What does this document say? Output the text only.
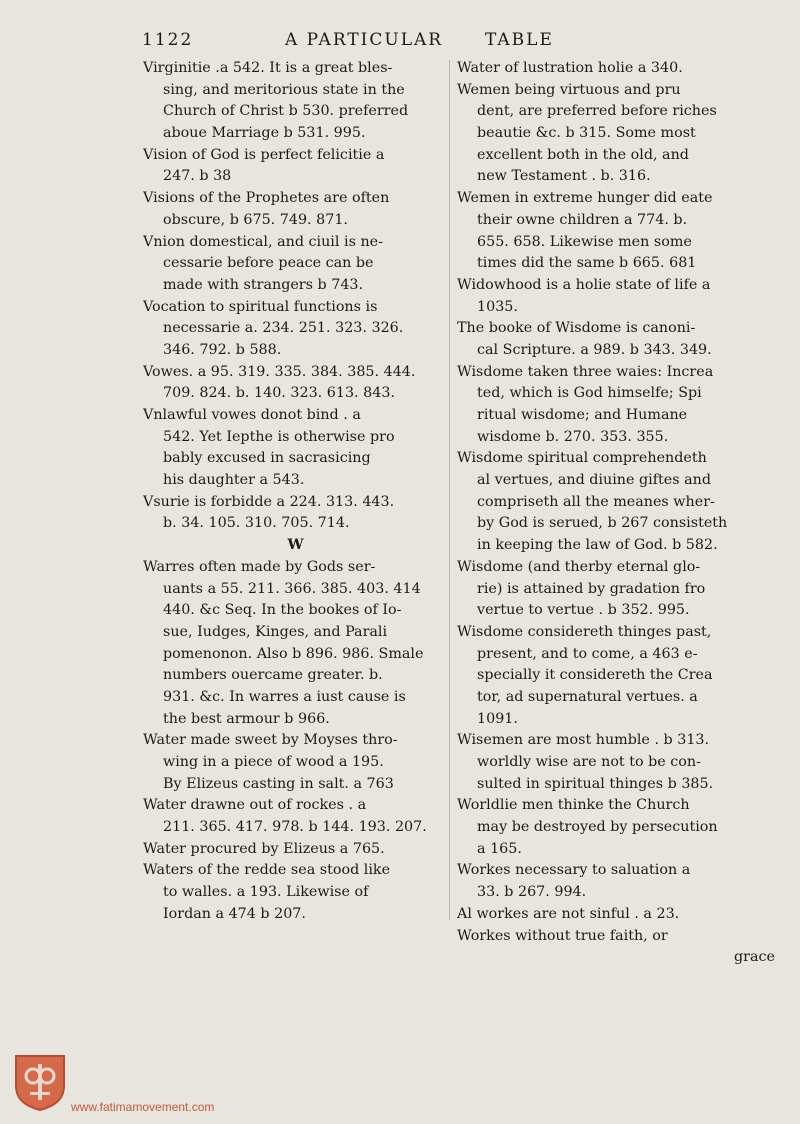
1122	A PARTICULAR TABLE
Virginitie .a 542. It is a great bles-
sing, and meritorious state in the
Church of Christ b 530. preferred
aboue Marriage b 531. 995.
Vision of God is perfect felicitie a
247. b 38
Visions of the Prophetes are often
obscure, b 675. 749. 871.
Vnion domestical, and ciuil is ne-
cessarie before peace can be
made with strangers b 743.
Vocation to spiritual functions is
necessarie a. 234. 251. 323. 326.
346. 792. b 588.
Vowes. a 95. 319. 335. 384. 385. 444.
709. 824. b. 140. 323. 613. 843.
Vnlawful vowes donot bind . a
542. Yet Iepthe is otherwise pro
bably excused in sacrasicing
his daughter a 543.
Vsurie is forbidde a 224. 313. 443.
b. 34. 105. 310. 705. 714.
W
Warres often made by Gods ser-
uants a 55. 211. 366. 385. 403. 414
440. &c Seq. In the bookes of Io-
sue, Iudges, Kinges, and Parali
pomenonon. Also b 896. 986. Smale
numbers ouercame greater. b.
931. &c. In warres a iust cause is
the best armour b 966.
Water made sweet by Moyses thro-
wing in a piece of wood a 195.
By Elizeus casting in salt. a 763
Water drawne out of rockes . a
211. 365. 417. 978. b 144. 193. 207.
Water procured by Elizeus a 765.
Waters of the redde sea stood like
to walles. a 193. Likewise of
Iordan a 474 b 207.
Water of lustration holie a 340.
Wemen being virtuous and pru
dent, are preferred before riches
beautie &c. b 315. Some most
excellent both in the old, and
new Testament . b. 316.
Wemen in extreme hunger did eate
their owne children a 774. b.
655. 658. Likewise men some
times did the same b 665. 681
Widowhood is a holie state of life a
1035.
The booke of Wisdome is canoni-
cal Scripture. a 989. b 343. 349.
Wisdome taken three waies: Increa
ted, which is God himselfe; Spi
ritual wisdome; and Humane
wisdome b. 270. 353. 355.
Wisdome spiritual comprehendeth
al vertues, and diuine giftes and
compriseth all the meanes wher-
by God is serued, b 267 consisteth
in keeping the law of God. b 582.
Wisdome (and therby eternal glo-
rie) is attained by gradation fro
vertue to vertue . b 352. 995.
Wisdome considereth thinges past,
present, and to come, a 463 e-
specially it considereth the Crea
tor, ad supernatural vertues. a
1091.
Wisemen are most humble . b 313.
worldly wise are not to be con-
sulted in spiritual thinges b 385.
Worldlie men thinke the Church
may be destroyed by persecution
a 165.
Workes necessary to saluation a
33. b 267. 994.
Al workes are not sinful . a 23.
Workes without true faith, or
grace
www.fatimamovement.com
